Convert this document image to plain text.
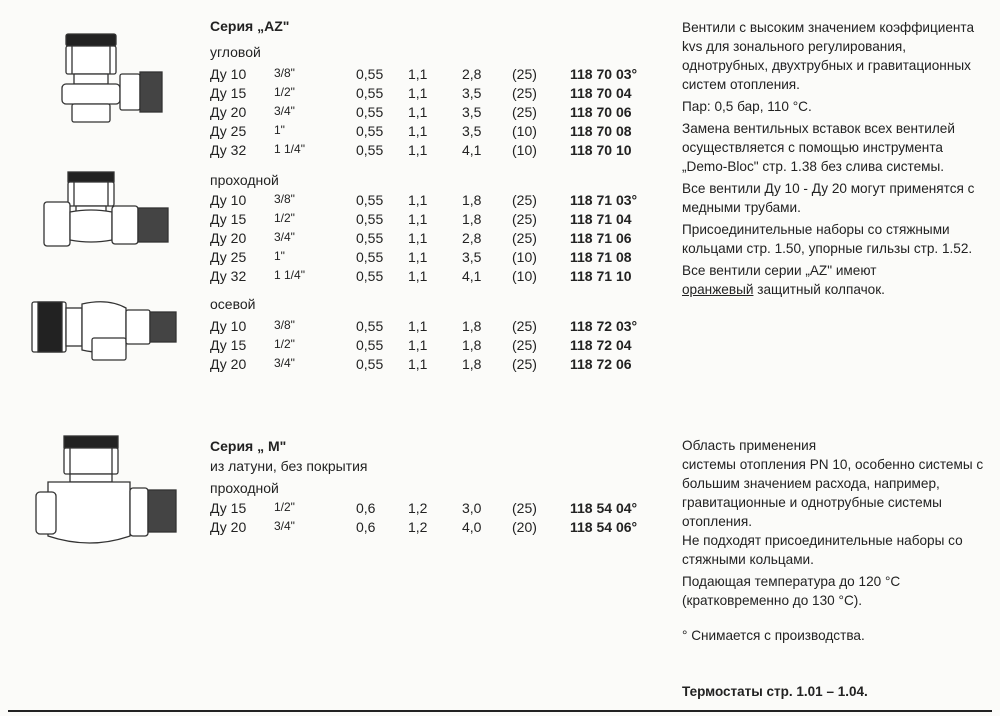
Серия „AZ"
угловой
Ду 10 3/8"	0,55 1,1 2,8 (25) 118 70 03°
Ду 15 1/2"	0,55 1,1 3,5 (25) 118 70 04
Ду 20 3/4"	0,55 1,1 3,5 (25) 118 70 06
Ду 25 1"	0,55 1,1 3,5 (10) 118 70 08
Ду 32 1 1/4"	0,55 1,1 4,1 (10) 118 70 10
проходной
Ду 10 3/8"	0,55 1,1 1,8 (25) 118 71 03°
Ду 15 1/2"	0,55 1,1 1,8 (25) 118 71 04
Ду 20 3/4"	0,55 1,1 2,8 (25) 118 71 06
Ду 25 1"	0,55 1,1 3,5 (10) 118 71 08
Ду 32 1 1/4"	0,55 1,1 4,1 (10) 118 71 10
осевой
Ду 10 3/8"	0,55 1,1 1,8 (25) 118 72 03°
Ду 15 1/2"	0,55 1,1 1,8 (25) 118 72 04
Ду 20 3/4"	0,55 1,1 1,8 (25) 118 72 06

Вентили с высоким значением коэффициента kvs для зонального регулирования, однотрубных, двухтрубных и гравитационных систем отопления.

Пар: 0,5 бар, 110 °С.

Замена вентильных вставок всех вентилей осуществляется с помощью инструмента „Demo-Bloc" стр. 1.38 без слива системы.

Все вентили Ду 10 - Ду 20 могут применятся с медными трубами.

Присоединительные наборы со стяжными кольцами стр. 1.50, упорные гильзы стр. 1.52.

Все вентили серии „AZ" имеют
оранжевый защитный колпачок.

Серия „ M"
из латуни, без покрытия
проходной
Ду 15 1/2"	0,6 1,2 3,0 (25) 118 54 04°
Ду 20 3/4"	0,6 1,2 4,0 (20) 118 54 06°

Область применения

системы отопления PN 10, особенно системы с большим значением расхода, например, гравитационные и однотрубные системы отопления.

Не подходят присоединительные наборы со стяжными кольцами.

Подающая температура до 120 °С (кратковременно до 130 °С).

° Снимается с производства.
Термостаты стр. 1.01 – 1.04.
